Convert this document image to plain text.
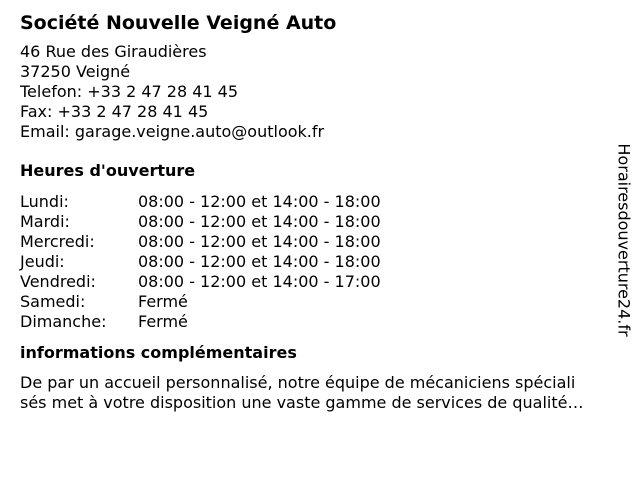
Société Nouvelle Veigné Auto
46 Rue des Giraudières
37250 Veigné
Telefon: +33 2 47 28 41 45
Fax: +33 2 47 28 41 45
Email: garage.veigne.auto@outlook.fr
Heures d'ouverture
Lundi:	08:00 - 12:00 et 14:00 - 18:00
Mardi:	08:00 - 12:00 et 14:00 - 18:00
Mercredi:	08:00 - 12:00 et 14:00 - 18:00
Jeudi:	08:00 - 12:00 et 14:00 - 18:00
Vendredi:	08:00 - 12:00 et 14:00 - 17:00
Samedi:	Fermé
Dimanche: Fermé
informations complémentaires
De par un accueil personnalisé, notre équipe de mécaniciens spéciali
sés met à votre disposition une vaste gamme de services de qualité…
Horairesdouverture24.fr
